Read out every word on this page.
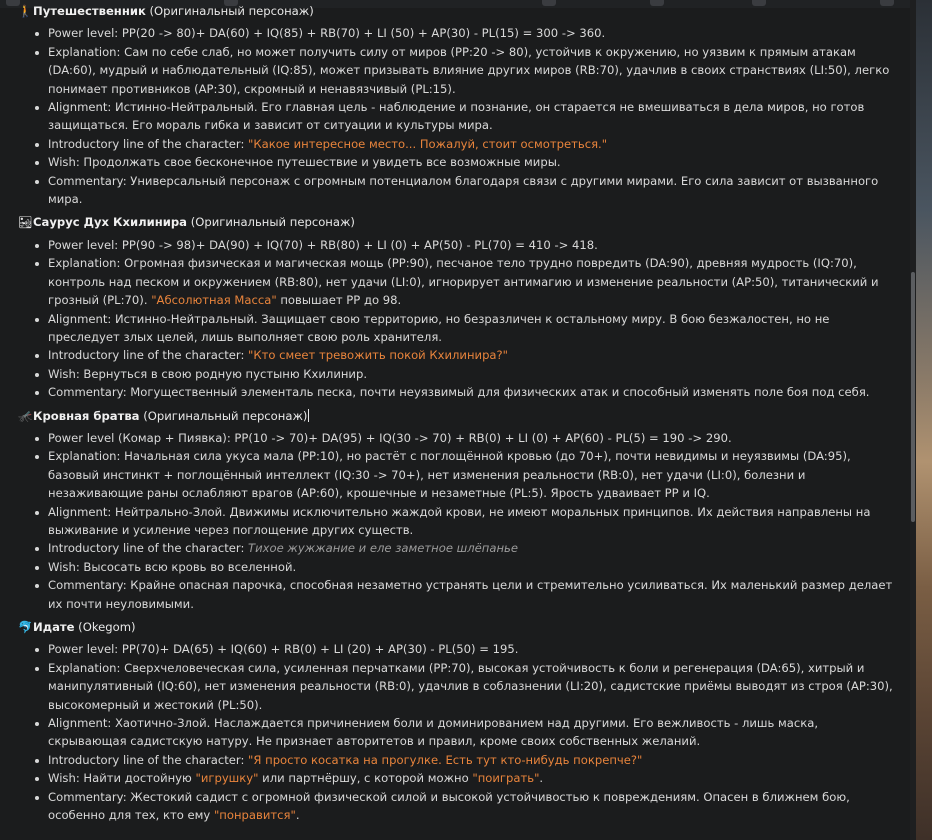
🚶Путешественник (Оригинальный персонаж)
Power level: PP(20 -> 80)+ DA(60) + IQ(85) + RB(70) + LI (50) + AP(30) - PL(15) = 300 -> 360.
Explanation: Сам по себе слаб, но может получить силу от миров (PP:20 -> 80), устойчив к окружению, но уязвим к прямым атакам (DA:60), мудрый и наблюдательный (IQ:85), может призывать влияние других миров (RB:70), удачлив в своих странствиях (LI:50), легко понимает противников (AP:30), скромный и ненавязчивый (PL:15).
Alignment: Истинно-Нейтральный. Его главная цель - наблюдение и познание, он старается не вмешиваться в дела миров, но готов защищаться. Его мораль гибка и зависит от ситуации и культуры мира.
Introductory line of the character: "Какое интересное место... Пожалуй, стоит осмотреться."
Wish: Продолжать свое бесконечное путешествие и увидеть все возможные миры.
Commentary: Универсальный персонаж с огромным потенциалом благодаря связи с другими мирами. Его сила зависит от вызванного мира.
🏜Саурус Дух Кхилинира (Оригинальный персонаж)
Power level: PP(90 -> 98)+ DA(90) + IQ(70) + RB(80) + LI (0) + AP(50) - PL(70) = 410 -> 418.
Explanation: Огромная физическая и магическая мощь (PP:90), песчаное тело трудно повредить (DA:90), древняя мудрость (IQ:70), контроль над песком и окружением (RB:80), нет удачи (LI:0), игнорирует антимагию и изменение реальности (AP:50), титанический и грозный (PL:70). "Абсолютная Масса" повышает PP до 98.
Alignment: Истинно-Нейтральный. Защищает свою территорию, но безразличен к остальному миру. В бою безжалостен, но не преследует злых целей, лишь выполняет свою роль хранителя.
Introductory line of the character: "Кто смеет тревожить покой Кхилинира?"
Wish: Вернуться в свою родную пустыню Кхилинир.
Commentary: Могущественный элементаль песка, почти неуязвимый для физических атак и способный изменять поле боя под себя.
🦟Кровная братва (Оригинальный персонаж)
Power level (Комар + Пиявка): PP(10 -> 70)+ DA(95) + IQ(30 -> 70) + RB(0) + LI (0) + AP(60) - PL(5) = 190 -> 290.
Explanation: Начальная сила укуса мала (PP:10), но растёт с поглощённой кровью (до 70+), почти невидимы и неуязвимы (DA:95), базовый инстинкт + поглощённый интеллект (IQ:30 -> 70+), нет изменения реальности (RB:0), нет удачи (LI:0), болезни и незаживающие раны ослабляют врагов (AP:60), крошечные и незаметные (PL:5). Ярость удваивает PP и IQ.
Alignment: Нейтрально-Злой. Движимы исключительно жаждой крови, не имеют моральных принципов. Их действия направлены на выживание и усиление через поглощение других существ.
Introductory line of the character: Тихое жужжание и еле заметное шлёпанье
Wish: Высосать всю кровь во вселенной.
Commentary: Крайне опасная парочка, способная незаметно устранять цели и стремительно усиливаться. Их маленький размер делает их почти неуловимыми.
🐬Идате (Okegom)
Power level: PP(70)+ DA(65) + IQ(60) + RB(0) + LI (20) + AP(30) - PL(50) = 195.
Explanation: Сверхчеловеческая сила, усиленная перчатками (PP:70), высокая устойчивость к боли и регенерация (DA:65), хитрый и манипулятивный (IQ:60), нет изменения реальности (RB:0), удачлив в соблазнении (LI:20), садистские приёмы выводят из строя (AP:30), высокомерный и жестокий (PL:50).
Alignment: Хаотично-Злой. Наслаждается причинением боли и доминированием над другими. Его вежливость - лишь маска, скрывающая садистскую натуру. Не признает авторитетов и правил, кроме своих собственных желаний.
Introductory line of the character: "Я просто косатка на прогулке. Есть тут кто-нибудь покрепче?"
Wish: Найти достойную "игрушку" или партнёршу, с которой можно "поиграть".
Commentary: Жестокий садист с огромной физической силой и высокой устойчивостью к повреждениям. Опасен в ближнем бою, особенно для тех, кто ему "понравится".
